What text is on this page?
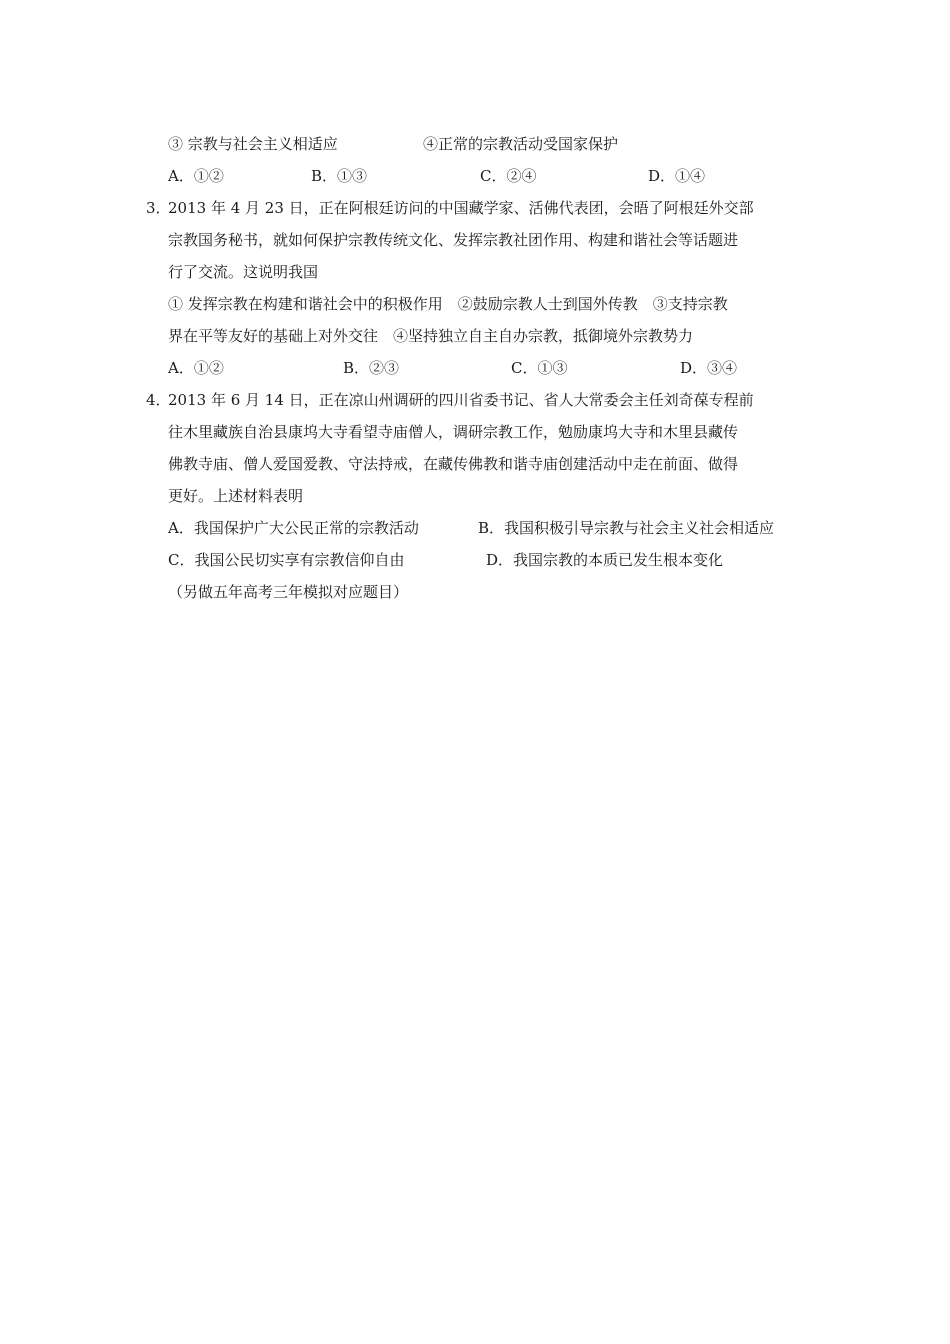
③ 宗教与社会主义相适应	④正常的宗教活动受国家保护
A．①②	B．①③	C．②④	D．①④
3．
2013 年 4 月 23 日，正在阿根廷访问的中国藏学家、活佛代表团，会晤了阿根廷外交部
宗教国务秘书，就如何保护宗教传统文化、发挥宗教社团作用、构建和谐社会等话题进
行了交流。这说明我国
① 发挥宗教在构建和谐社会中的积极作用　②鼓励宗教人士到国外传教　③支持宗教
界在平等友好的基础上对外交往　④坚持独立自主自办宗教，抵御境外宗教势力
A．①②	B．②③	C．①③	D．③④
4．
2013 年 6 月 14 日，正在凉山州调研的四川省委书记、省人大常委会主任刘奇葆专程前
往木里藏族自治县康坞大寺看望寺庙僧人，调研宗教工作，勉励康坞大寺和木里县藏传
佛教寺庙、僧人爱国爱教、守法持戒，在藏传佛教和谐寺庙创建活动中走在前面、做得
更好。上述材料表明
A．我国保护广大公民正常的宗教活动	B．我国积极引导宗教与社会主义社会相适应
C．我国公民切实享有宗教信仰自由	D．我国宗教的本质已发生根本变化
（另做五年高考三年模拟对应题目）
